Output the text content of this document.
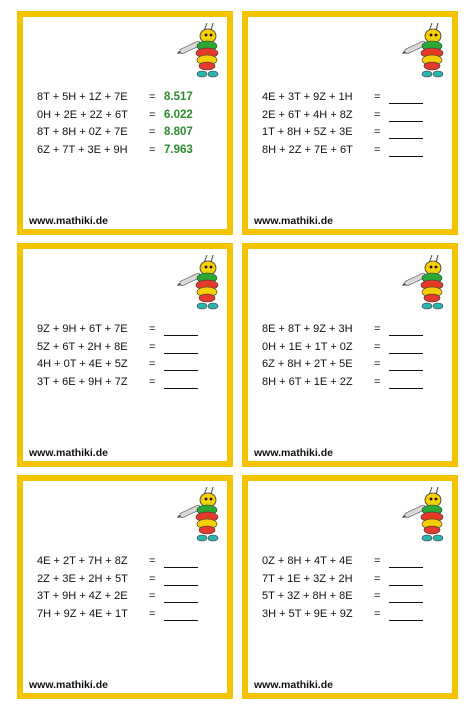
8T + 5H + 1Z + 7E = 8.517
0H + 2E + 2Z + 6T = 6.022
8T + 8H + 0Z + 7E = 8.807
6Z + 7T + 3E + 9H = 7.963
www.mathiki.de
4E + 3T + 9Z + 1H =
2E + 6T + 4H + 8Z =
1T + 8H + 5Z + 3E =
8H + 2Z + 7E + 6T =
www.mathiki.de
9Z + 9H + 6T + 7E =
5Z + 6T + 2H + 8E =
4H + 0T + 4E + 5Z =
3T + 6E + 9H + 7Z =
www.mathiki.de
8E + 8T + 9Z + 3H =
0H + 1E + 1T + 0Z =
6Z + 8H + 2T + 5E =
8H + 6T + 1E + 2Z =
www.mathiki.de
4E + 2T + 7H + 8Z =
2Z + 3E + 2H + 5T =
3T + 9H + 4Z + 2E =
7H + 9Z + 4E + 1T =
www.mathiki.de
0Z + 8H + 4T + 4E =
7T + 1E + 3Z + 2H =
5T + 3Z + 8H + 8E =
3H + 5T + 9E + 9Z =
www.mathiki.de
